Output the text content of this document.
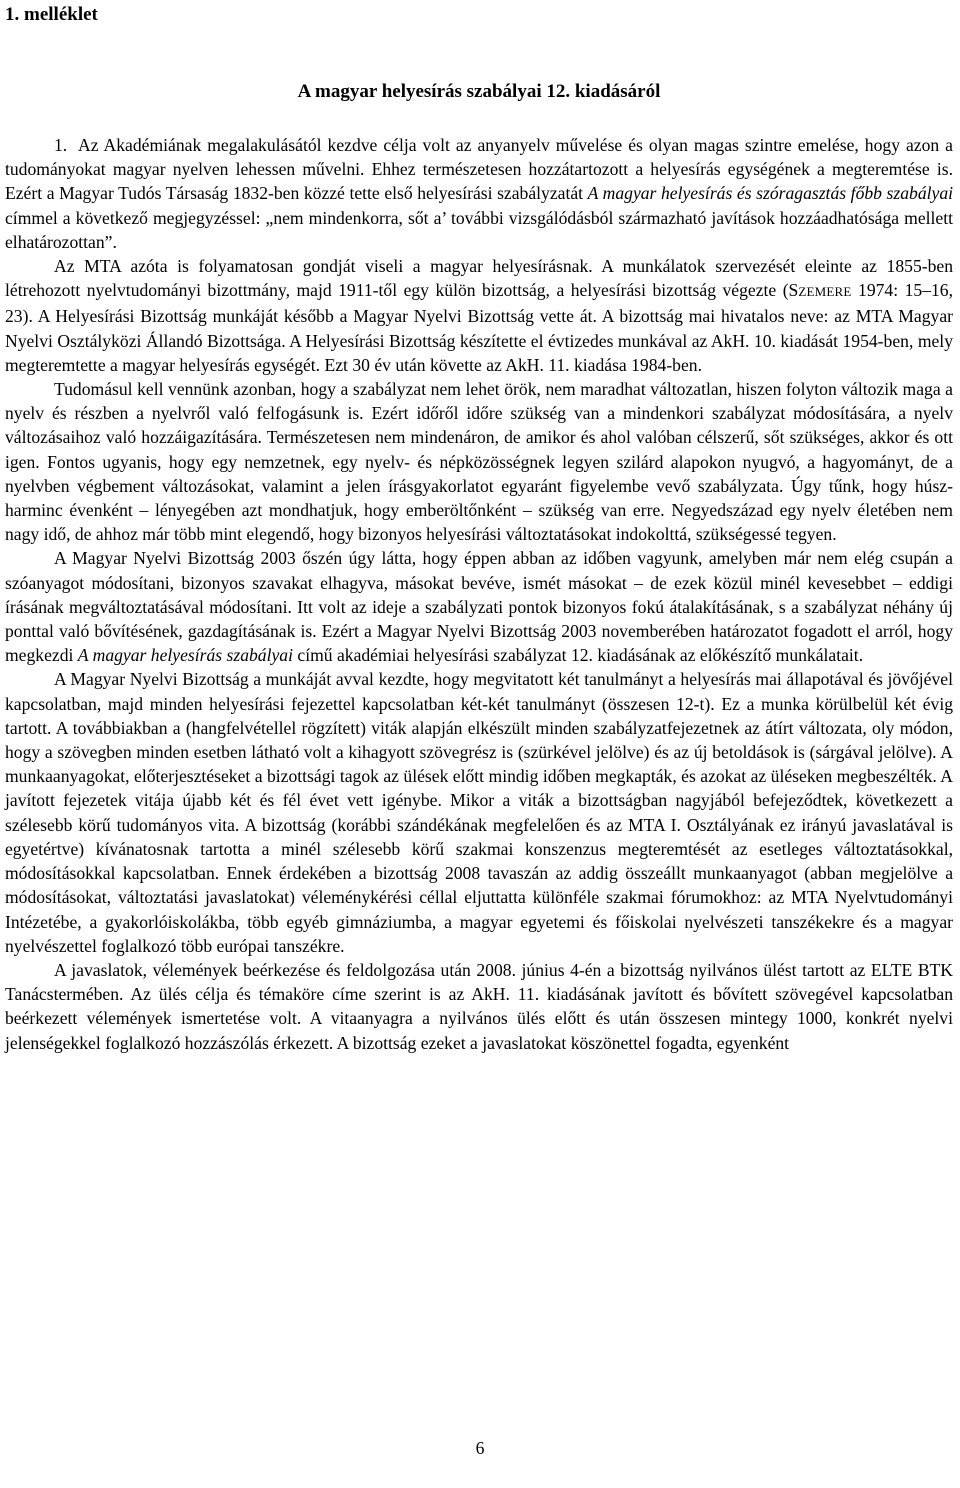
1. melléklet
A magyar helyesírás szabályai 12. kiadásáról

1. Az Akadémiának megalakulásától kezdve célja volt az anyanyelv művelése és olyan magas szintre emelése, hogy azon a tudományokat magyar nyelven lehessen művelni. Ehhez természetesen hozzátartozott a helyesírás egységének a megteremtése is. Ezért a Magyar Tudós Társaság 1832-ben közzé tette első helyesírási szabályzatát A magyar helyesírás és szóragasztás főbb szabályai címmel a következő megjegyzéssel: „nem mindenkorra, sőt a’ további vizsgálódásból származható javítások hozzáadhatósága mellett elhatározottan”.

Az MTA azóta is folyamatosan gondját viseli a magyar helyesírásnak. A munkálatok szervezését eleinte az 1855-ben létrehozott nyelvtudományi bizottmány, majd 1911-től egy külön bizottság, a helyesírási bizottság végezte (SZEMERE 1974: 15–16, 23). A Helyesírási Bizottság munkáját később a Magyar Nyelvi Bizottság vette át. A bizottság mai hivatalos neve: az MTA Magyar Nyelvi Osztályközi Állandó Bizottsága. A Helyesírási Bizottság készítette el évtizedes munkával az AkH. 10. kiadását 1954-ben, mely megteremtette a magyar helyesírás egységét. Ezt 30 év után követte az AkH. 11. kiadása 1984-ben.

Tudomásul kell vennünk azonban, hogy a szabályzat nem lehet örök, nem maradhat változatlan, hiszen folyton változik maga a nyelv és részben a nyelvről való felfogásunk is. Ezért időről időre szükség van a mindenkori szabályzat módosítására, a nyelv változásaihoz való hozzáigazítására. Természetesen nem mindenáron, de amikor és ahol valóban célszerű, sőt szükséges, akkor és ott igen. Fontos ugyanis, hogy egy nemzetnek, egy nyelv- és népközösségnek legyen szilárd alapokon nyugvó, a hagyományt, de a nyelvben végbement változásokat, valamint a jelen írásgyakorlatot egyaránt figyelembe vevő szabályzata. Úgy tűnk, hogy húsz-harminc évenként – lényegében azt mondhatjuk, hogy emberöltőnként – szükség van erre. Negyedszázad egy nyelv életében nem nagy idő, de ahhoz már több mint elegendő, hogy bizonyos helyesírási változtatásokat indokolttá, szükségessé tegyen.

A Magyar Nyelvi Bizottság 2003 őszén úgy látta, hogy éppen abban az időben vagyunk, amelyben már nem elég csupán a szóanyagot módosítani, bizonyos szavakat elhagyva, másokat bevéve, ismét másokat – de ezek közül minél kevesebbet – eddigi írásának megváltoztatásával módosítani. Itt volt az ideje a szabályzati pontok bizonyos fokú átalakításának, s a szabályzat néhány új ponttal való bővítésének, gazdagításának is. Ezért a Magyar Nyelvi Bizottság 2003 novemberében határozatot fogadott el arról, hogy megkezdi A magyar helyesírás szabályai című akadémiai helyesírási szabályzat 12. kiadásának az előkészítő munkálatait.

A Magyar Nyelvi Bizottság a munkáját avval kezdte, hogy megvitatott két tanulmányt a helyesírás mai állapotával és jövőjével kapcsolatban, majd minden helyesírási fejezettel kapcsolatban két-két tanulmányt (összesen 12-t). Ez a munka körülbelül két évig tartott. A továbbiakban a (hangfelvétellel rögzített) viták alapján elkészült minden szabályzatfejezetnek az átírt változata, oly módon, hogy a szövegben minden esetben látható volt a kihagyott szövegrész is (szürkével jelölve) és az új betoldások is (sárgával jelölve). A munkaanyagokat, előterjesztéseket a bizottsági tagok az ülések előtt mindig időben megkapták, és azokat az üléseken megbeszélték. A javított fejezetek vitája újabb két és fél évet vett igénybe. Mikor a viták a bizottságban nagyjából befejeződtek, következett a szélesebb körű tudományos vita. A bizottság (korábbi szándékának megfelelően és az MTA I. Osztályának ez irányú javaslatával is egyetértve) kívánatosnak tartotta a minél szélesebb körű szakmai konszenzus megteremtését az esetleges változtatásokkal, módosításokkal kapcsolatban. Ennek érdekében a bizottság 2008 tavaszán az addig összeállt munkaanyagot (abban megjelölve a módosításokat, változtatási javaslatokat) véleménykérési céllal eljuttatta különféle szakmai fórumokhoz: az MTA Nyelvtudományi Intézetébe, a gyakorlóiskolákba, több egyéb gimnáziumba, a magyar egyetemi és főiskolai nyelvészeti tanszékekre és a magyar nyelvészettel foglalkozó több európai tanszékre.

A javaslatok, vélemények beérkezése és feldolgozása után 2008. június 4-én a bizottság nyilvános ülést tartott az ELTE BTK Tanácstermében. Az ülés célja és témaköre címe szerint is az AkH. 11. kiadásának javított és bővített szövegével kapcsolatban beérkezett vélemények ismertetése volt. A vitaanyagra a nyilvános ülés előtt és után összesen mintegy 1000, konkrét nyelvi jelenségekkel foglalkozó hozzászólás érkezett. A bizottság ezeket a javaslatokat köszönettel fogadta, egyenként

6
